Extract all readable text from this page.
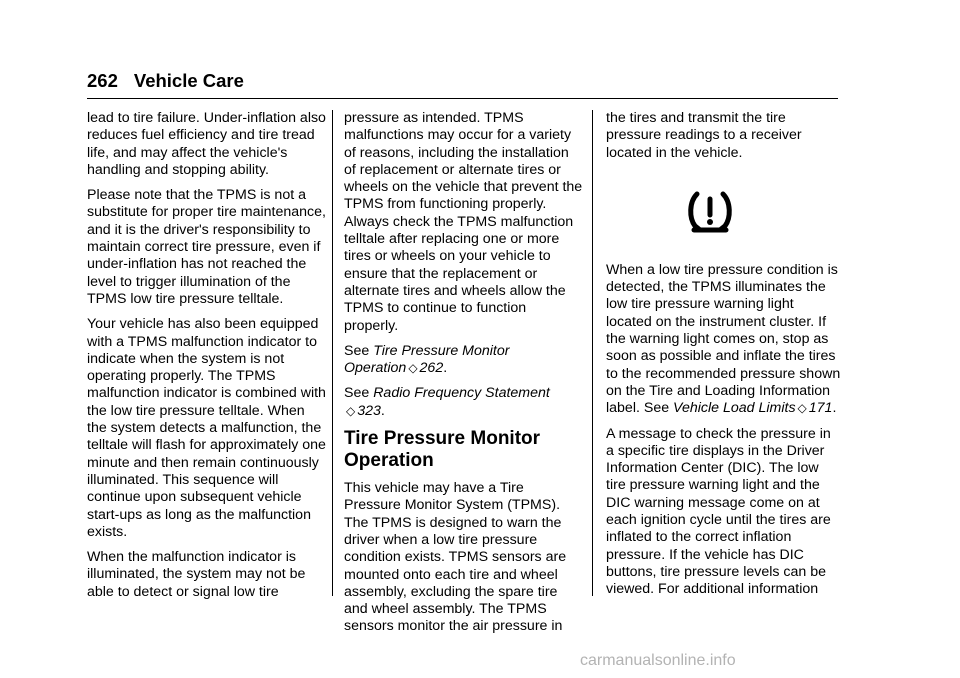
262 Vehicle Care

lead to tire failure. Under-inflation also reduces fuel efficiency and tire tread life, and may affect the vehicle's handling and stopping ability.

Please note that the TPMS is not a substitute for proper tire maintenance, and it is the driver's responsibility to maintain correct tire pressure, even if under-inflation has not reached the level to trigger illumination of the TPMS low tire pressure telltale.

Your vehicle has also been equipped with a TPMS malfunction indicator to indicate when the system is not operating properly. The TPMS malfunction indicator is combined with the low tire pressure telltale. When the system detects a malfunction, the telltale will flash for approximately one minute and then remain continuously illuminated. This sequence will continue upon subsequent vehicle start-ups as long as the malfunction exists.

When the malfunction indicator is illuminated, the system may not be able to detect or signal low tire

pressure as intended. TPMS malfunctions may occur for a variety of reasons, including the installation of replacement or alternate tires or wheels on the vehicle that prevent the TPMS from functioning properly. Always check the TPMS malfunction telltale after replacing one or more tires or wheels on your vehicle to ensure that the replacement or alternate tires and wheels allow the TPMS to continue to function properly.

See Tire Pressure Monitor Operation ◇ 262.

See Radio Frequency Statement
◇ 323.

Tire Pressure Monitor Operation

This vehicle may have a Tire Pressure Monitor System (TPMS). The TPMS is designed to warn the driver when a low tire pressure condition exists. TPMS sensors are mounted onto each tire and wheel assembly, excluding the spare tire and wheel assembly. The TPMS sensors monitor the air pressure in

the tires and transmit the tire pressure readings to a receiver located in the vehicle.

When a low tire pressure condition is detected, the TPMS illuminates the low tire pressure warning light located on the instrument cluster. If the warning light comes on, stop as soon as possible and inflate the tires to the recommended pressure shown on the Tire and Loading Information label. See Vehicle Load Limits ◇ 171.

A message to check the pressure in a specific tire displays in the Driver Information Center (DIC). The low tire pressure warning light and the DIC warning message come on at each ignition cycle until the tires are inflated to the correct inflation pressure. If the vehicle has DIC buttons, tire pressure levels can be viewed. For additional information

carmanualsonline.info
